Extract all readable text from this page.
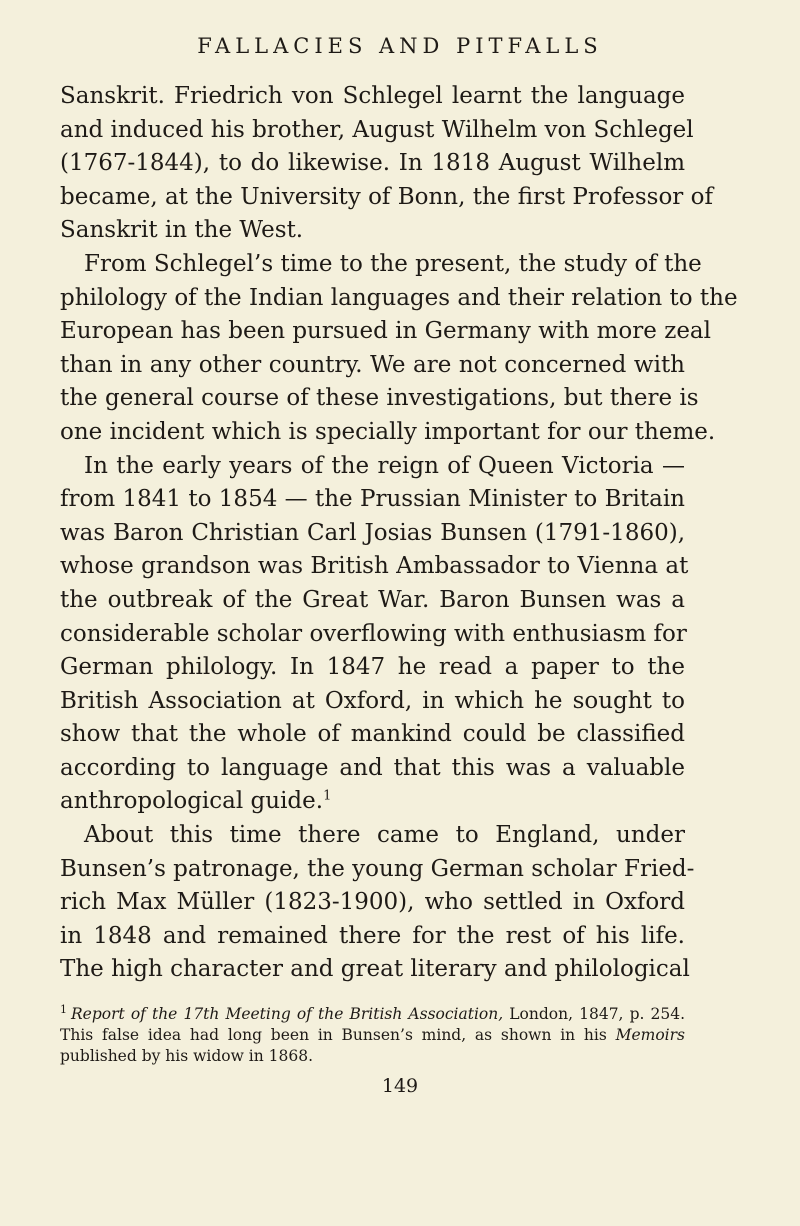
FALLACIES AND PITFALLS
Sanskrit. Friedrich von Schlegel learnt the language
and induced his brother, August Wilhelm von Schlegel
(1767-1844), to do likewise. In 1818 August Wilhelm
became, at the University of Bonn, the first Professor of
Sanskrit in the West.
From Schlegel’s time to the present, the study of the
philology of the Indian languages and their relation to the
European has been pursued in Germany with more zeal
than in any other country. We are not concerned with
the general course of these investigations, but there is
one incident which is specially important for our theme.
In the early years of the reign of Queen Victoria —
from 1841 to 1854 — the Prussian Minister to Britain
was Baron Christian Carl Josias Bunsen (1791-1860),
whose grandson was British Ambassador to Vienna at
the outbreak of the Great War. Baron Bunsen was a
considerable scholar overflowing with enthusiasm for
German philology. In 1847 he read a paper to the
British Association at Oxford, in which he sought to
show that the whole of mankind could be classified
according to language and that this was a valuable
anthropological guide.$^1$
About this time there came to England, under
Bunsen’s patronage, the young German scholar Fried-
rich Max Müller (1823-1900), who settled in Oxford
in 1848 and remained there for the rest of his life.
The high character and great literary and philological
$^1$ Report of the 17th Meeting of the British Association, London, 1847, p. 254.
This false idea had long been in Bunsen’s mind, as shown in his Memoirs
published by his widow in 1868.
149
